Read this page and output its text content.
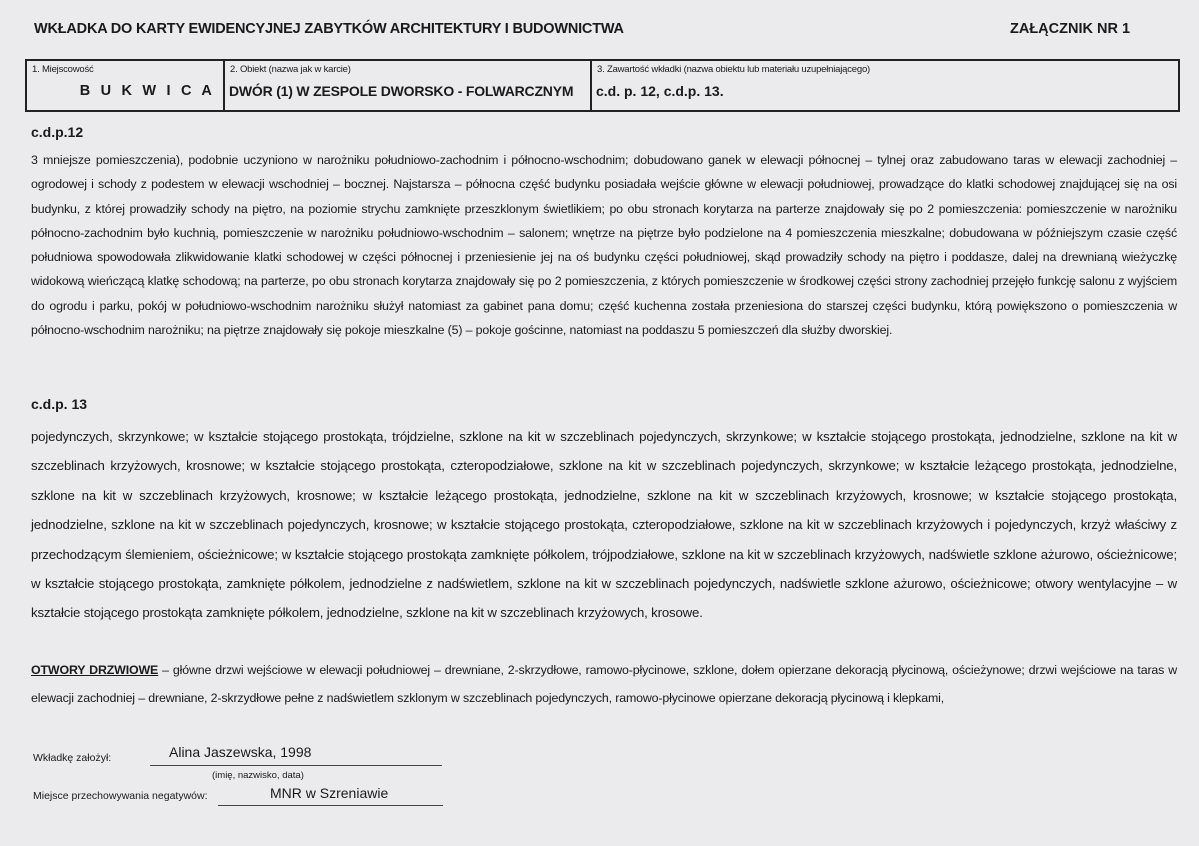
WKŁADKA DO KARTY EWIDENCYJNEJ ZABYTKÓW ARCHITEKTURY I BUDOWNICTWA	ZAŁĄCZNIK NR 1
1. Miejscowość
B U K W I C A
2. Obiekt (nazwa jak w karcie)
DWÓR (1) W ZESPOLE DWORSKO - FOLWARCZNYM
3. Zawartość wkładki (nazwa obiektu lub materiału uzupełniającego)
c.d. p. 12, c.d.p. 13.
c.d.p.12
3 mniejsze pomieszczenia), podobnie uczyniono w narożniku południowo-zachodnim i północno-wschodnim; dobudowano ganek w elewacji północnej – tylnej oraz zabudowano taras w elewacji zachodniej – ogrodowej i schody z podestem w elewacji wschodniej – bocznej. Najstarsza – północna część budynku posiadała wejście główne w elewacji południowej, prowadzące do klatki schodowej znajdującej się na osi budynku, z której prowadziły schody na piętro, na poziomie strychu zamknięte przeszklonym świetlikiem; po obu stronach korytarza na parterze znajdowały się po 2 pomieszczenia: pomieszczenie w narożniku północno-zachodnim było kuchnią, pomieszczenie w narożniku południowo-wschodnim – salonem; wnętrze na piętrze było podzielone na 4 pomieszczenia mieszkalne; dobudowana w późniejszym czasie część południowa spowodowała zlikwidowanie klatki schodowej w części północnej i przeniesienie jej na oś budynku części południowej, skąd prowadziły schody na piętro i poddasze, dalej na drewnianą wieżyczkę widokową wieńczącą klatkę schodową; na parterze, po obu stronach korytarza znajdowały się po 2 pomieszczenia, z których pomieszczenie w środkowej części strony zachodniej przejęło funkcję salonu z wyjściem do ogrodu i parku, pokój w południowo-wschodnim narożniku służył natomiast za gabinet pana domu; część kuchenna została przeniesiona do starszej części budynku, którą powiększono o pomieszczenia w północno-wschodnim narożniku; na piętrze znajdowały się pokoje mieszkalne (5) – pokoje gościnne, natomiast na poddaszu 5 pomieszczeń dla służby dworskiej.
c.d.p. 13
pojedynczych, skrzynkowe; w kształcie stojącego prostokąta, trójdzielne, szklone na kit w szczeblinach pojedynczych, skrzynkowe; w kształcie stojącego prostokąta, jednodzielne, szklone na kit w szczeblinach krzyżowych, krosnowe; w kształcie stojącego prostokąta, czteropodziałowe, szklone na kit w szczeblinach pojedynczych, skrzynkowe; w kształcie leżącego prostokąta, jednodzielne, szklone na kit w szczeblinach krzyżowych, krosnowe; w kształcie leżącego prostokąta, jednodzielne, szklone na kit w szczeblinach krzyżowych, krosnowe; w kształcie stojącego prostokąta, jednodzielne, szklone na kit w szczeblinach pojedynczych, krosnowe; w kształcie stojącego prostokąta, czteropodziałowe, szklone na kit w szczeblinach krzyżowych i pojedynczych, krzyż właściwy z przechodzącym ślemieniem, ościeżnicowe; w kształcie stojącego prostokąta zamknięte półkolem, trójpodziałowe, szklone na kit w szczeblinach krzyżowych, nadświetle szklone ażurowo, ościeżnicowe; w kształcie stojącego prostokąta, zamknięte półkolem, jednodzielne z nadświetlem, szklone na kit w szczeblinach pojedynczych, nadświetle szklone ażurowo, ościeżnicowe; otwory wentylacyjne – w kształcie stojącego prostokąta zamknięte półkolem, jednodzielne, szklone na kit w szczeblinach krzyżowych, krosowe.
OTWORY DRZWIOWE – główne drzwi wejściowe w elewacji południowej – drewniane, 2-skrzydłowe, ramowo-płycinowe, szklone, dołem opierzane dekoracją płycinową, ościeżynowe; drzwi wejściowe na taras w elewacji zachodniej – drewniane, 2-skrzydłowe pełne z nadświetlem szklonym w szczeblinach pojedynczych, ramowo-płycinowe opierzane dekoracją płycinową i klepkami,
Wkładkę założył:	Alina Jaszewska, 1998
(imię, nazwisko, data)
Miejsce przechowywania negatywów:	MNR w Szreniawie
